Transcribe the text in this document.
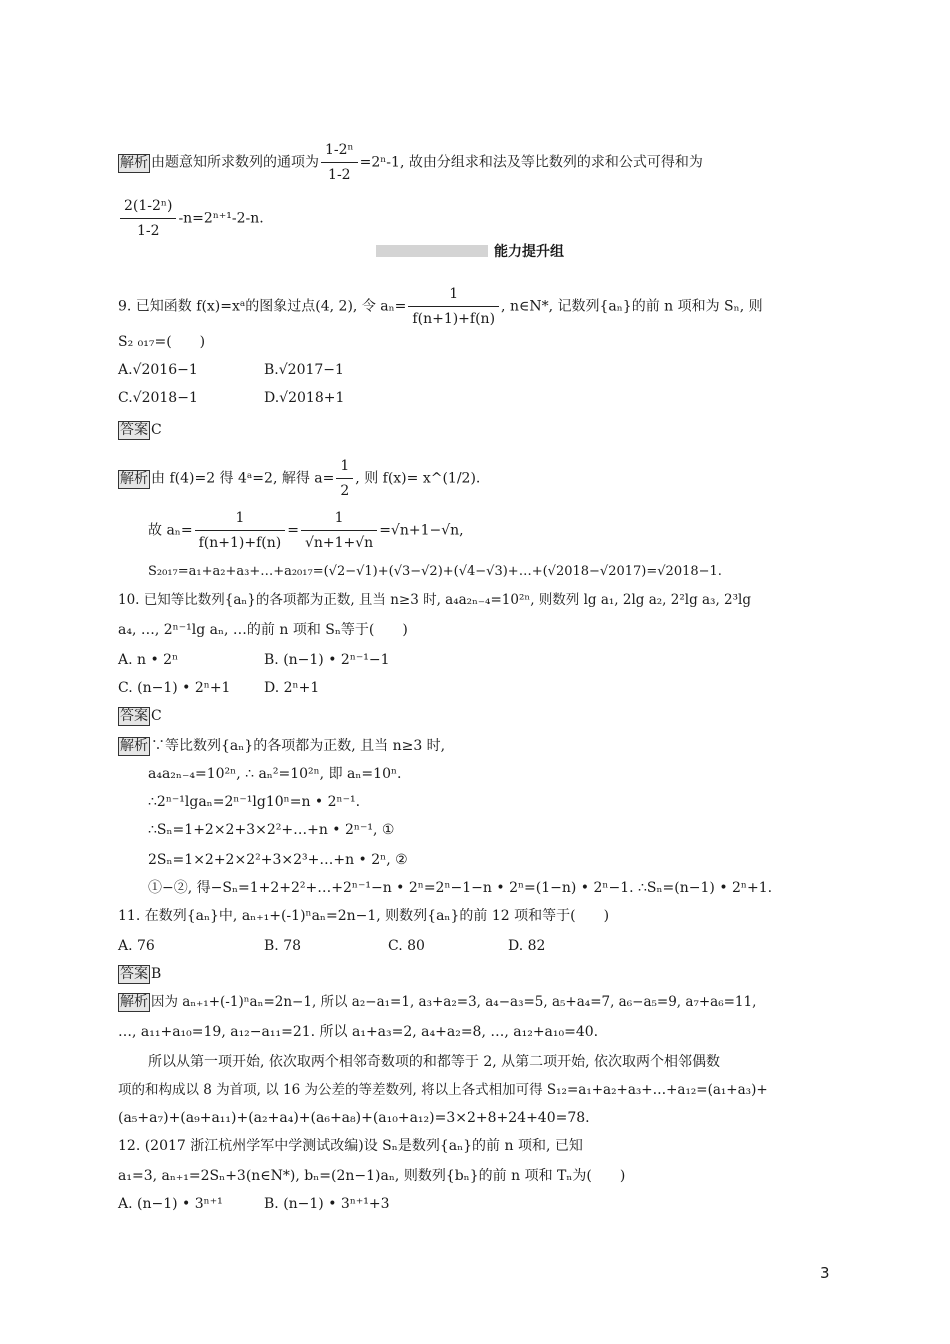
解析 由题意知所求数列的通项为 $\frac{\text{1-2ⁿ}}{1-2} =2^n-1$, 故由分组求和法及等比数列的求和公式可得和为
$\frac{\text{2(1-2ⁿ)}}{1-2} -n=2^{n+1}-2-n$.
能力提升组
9. 已知函数 f(x)=xᵃ的图象过点(4, 2), 令 $a_n= \frac{1}{f(n+1)+f(n)}$ , n∈N*, 记数列{aₙ}的前 n 项和为 Sₙ, 则
S₂ ₀₁₇=(　　)
A.√2016−1	B.√2017−1
C.√2018−1	D.√2018+1
答案 C
解析 由 f(4)=2 得 4ᵃ=2, 解得 $a= \frac{1}{2}$ , 则 f(x)= x^(1/2).
故 $a_n= \frac{1}{f(n+1)+f(n)} = \frac{1}{√n+1+√n} =√n+1-√n$,
S₂₀₁₇=a₁+a₂+a₃+…+a₂₀₁₇=(√2−√1)+(√3−√2)+(√4−√3)+…+(√2018−√2017)=√2018−1.
10. 已知等比数列{aₙ}的各项都为正数, 且当 n≥3 时, a₄a₂ₙ₋₄=10²ⁿ, 则数列 lg a₁, 2lg a₂, 2²lg a₃, 2³lg
a₄, …, 2ⁿ⁻¹lg aₙ, …的前 n 项和 Sₙ等于(　　)
A. n • 2ⁿ	B. (n−1) • 2ⁿ⁻¹−1
C. (n−1) • 2ⁿ+1 D. 2ⁿ+1
答案 C
解析 ∵等比数列{aₙ}的各项都为正数, 且当 n≥3 时,
a₄a₂ₙ₋₄=10²ⁿ, ∴ aₙ²=10²ⁿ, 即 aₙ=10ⁿ.
∴2ⁿ⁻¹lgaₙ=2ⁿ⁻¹lg10ⁿ=n • 2ⁿ⁻¹.
∴Sₙ=1+2×2+3×2²+…+n • 2ⁿ⁻¹, ①
2Sₙ=1×2+2×2²+3×2³+…+n • 2ⁿ, ②
①−②, 得−Sₙ=1+2+2²+…+2ⁿ⁻¹−n • 2ⁿ=2ⁿ−1−n • 2ⁿ=(1−n) • 2ⁿ−1. ∴Sₙ=(n−1) • 2ⁿ+1.
11. 在数列{aₙ}中, aₙ₊₁+(-1)ⁿaₙ=2n−1, 则数列{aₙ}的前 12 项和等于(　　)
A. 76	B. 78	C. 80	D. 82
答案 B
解析 因为 aₙ₊₁+(-1)ⁿaₙ=2n−1, 所以 a₂−a₁=1, a₃+a₂=3, a₄−a₃=5, a₅+a₄=7, a₆−a₅=9, a₇+a₆=11,
…, a₁₁+a₁₀=19, a₁₂−a₁₁=21. 所以 a₁+a₃=2, a₄+a₂=8, …, a₁₂+a₁₀=40.
所以从第一项开始, 依次取两个相邻奇数项的和都等于 2, 从第二项开始, 依次取两个相邻偶数
项的和构成以 8 为首项, 以 16 为公差的等差数列, 将以上各式相加可得 S₁₂=a₁+a₂+a₃+…+a₁₂=(a₁+a₃)+
(a₅+a₇)+(a₉+a₁₁)+(a₂+a₄)+(a₆+a₈)+(a₁₀+a₁₂)=3×2+8+24+40=78.
12. (2017 浙江杭州学军中学测试改编)设 Sₙ是数列{aₙ}的前 n 项和, 已知
a₁=3, aₙ₊₁=2Sₙ+3(n∈N*), bₙ=(2n−1)aₙ, 则数列{bₙ}的前 n 项和 Tₙ为(　　)
A. (n−1) • 3ⁿ⁺¹	B. (n−1) • 3ⁿ⁺¹+3
3
